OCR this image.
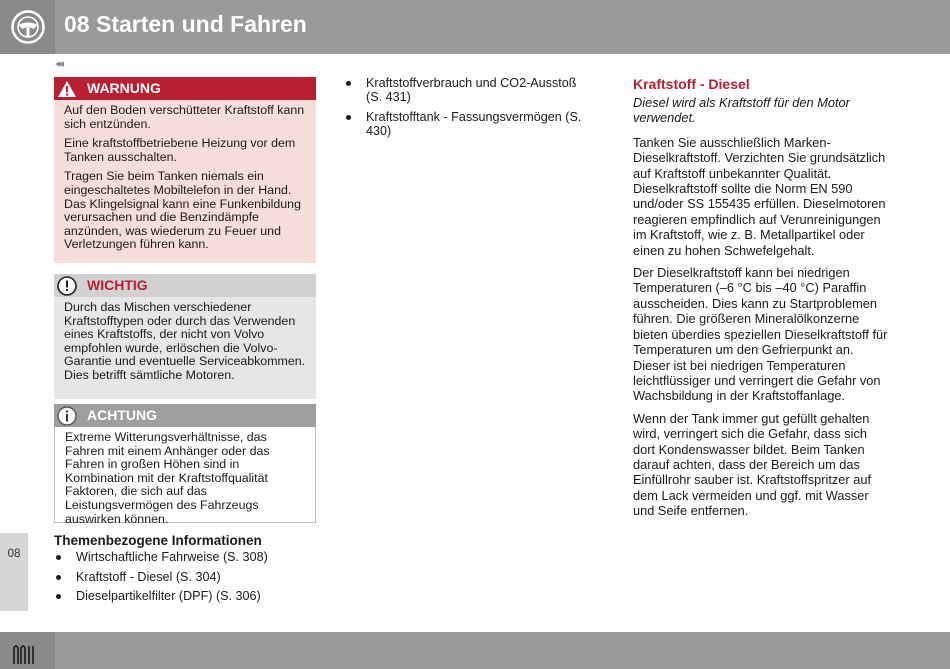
08 Starten und Fahren
◂◂
WARNUNG

Auf den Boden verschütteter Kraftstoff kann sich entzünden.

Eine kraftstoffbetriebene Heizung vor dem Tanken ausschalten.

Tragen Sie beim Tanken niemals ein eingeschaltetes Mobiltelefon in der Hand. Das Klingelsignal kann eine Funkenbildung verursachen und die Benzindämpfe anzünden, was wiederum zu Feuer und Verletzungen führen kann.

WICHTIG

Durch das Mischen verschiedener Kraftstofftypen oder durch das Verwenden eines Kraftstoffs, der nicht von Volvo empfohlen wurde, erlöschen die Volvo-Garantie und eventuelle Serviceabkommen. Dies betrifft sämtliche Motoren.

ACHTUNG

Extreme Witterungsverhältnisse, das Fahren mit einem Anhänger oder das Fahren in großen Höhen sind in Kombination mit der Kraftstoffqualität Faktoren, die sich auf das Leistungsvermögen des Fahrzeugs auswirken können.

Themenbezogene Informationen
Wirtschaftliche Fahrweise (S. 308)
Kraftstoff - Diesel (S. 304)
Dieselpartikelfilter (DPF) (S. 306)
Kraftstoffverbrauch und CO2-Ausstoß (S. 431)
Kraftstofftank - Fassungsvermögen (S. 430)
Kraftstoff - Diesel
Diesel wird als Kraftstoff für den Motor verwendet.

Tanken Sie ausschließlich Marken-Dieselkraftstoff. Verzichten Sie grundsätzlich auf Kraftstoff unbekannter Qualität. Dieselkraftstoff sollte die Norm EN 590 und/oder SS 155435 erfüllen. Dieselmotoren reagieren empfindlich auf Verunreinigungen im Kraftstoff, wie z. B. Metallpartikel oder einen zu hohen Schwefelgehalt.

Der Dieselkraftstoff kann bei niedrigen Temperaturen (–6 °C bis –40 °C) Paraffin ausscheiden. Dies kann zu Startproblemen führen. Die größeren Mineralölkonzerne bieten überdies speziellen Dieselkraftstoff für Temperaturen um den Gefrierpunkt an. Dieser ist bei niedrigen Temperaturen leichtflüssiger und verringert die Gefahr von Wachsbildung in der Kraftstoffanlage.

Wenn der Tank immer gut gefüllt gehalten wird, verringert sich die Gefahr, dass sich dort Kondenswasser bildet. Beim Tanken darauf achten, dass der Bereich um das Einfüllrohr sauber ist. Kraftstoffspritzer auf dem Lack vermeiden und ggf. mit Wasser und Seife entfernen.

08
